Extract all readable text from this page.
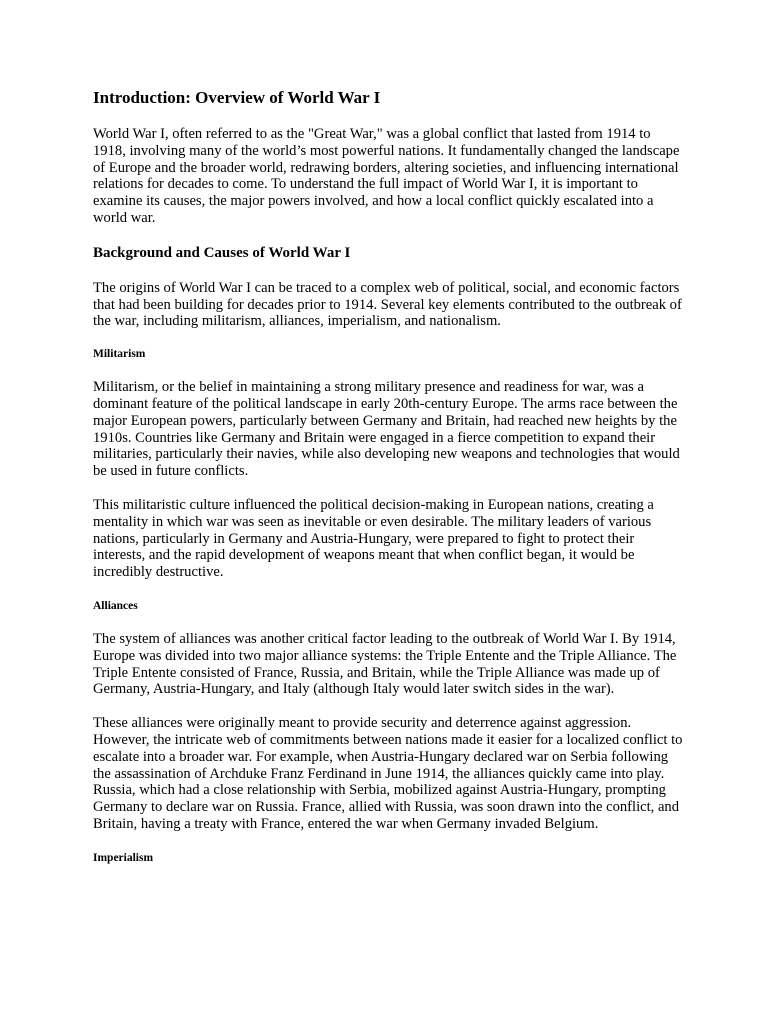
Introduction: Overview of World War I

World War I, often referred to as the "Great War," was a global conflict that lasted from 1914 to 1918, involving many of the world’s most powerful nations. It fundamentally changed the landscape of Europe and the broader world, redrawing borders, altering societies, and influencing international relations for decades to come. To understand the full impact of World War I, it is important to examine its causes, the major powers involved, and how a local conflict quickly escalated into a world war.

Background and Causes of World War I

The origins of World War I can be traced to a complex web of political, social, and economic factors that had been building for decades prior to 1914. Several key elements contributed to the outbreak of the war, including militarism, alliances, imperialism, and nationalism.

Militarism

Militarism, or the belief in maintaining a strong military presence and readiness for war, was a dominant feature of the political landscape in early 20th-century Europe. The arms race between the major European powers, particularly between Germany and Britain, had reached new heights by the 1910s. Countries like Germany and Britain were engaged in a fierce competition to expand their militaries, particularly their navies, while also developing new weapons and technologies that would be used in future conflicts.

This militaristic culture influenced the political decision-making in European nations, creating a mentality in which war was seen as inevitable or even desirable. The military leaders of various nations, particularly in Germany and Austria-Hungary, were prepared to fight to protect their interests, and the rapid development of weapons meant that when conflict began, it would be incredibly destructive.

Alliances

The system of alliances was another critical factor leading to the outbreak of World War I. By 1914, Europe was divided into two major alliance systems: the Triple Entente and the Triple Alliance. The Triple Entente consisted of France, Russia, and Britain, while the Triple Alliance was made up of Germany, Austria-Hungary, and Italy (although Italy would later switch sides in the war).

These alliances were originally meant to provide security and deterrence against aggression. However, the intricate web of commitments between nations made it easier for a localized conflict to escalate into a broader war. For example, when Austria-Hungary declared war on Serbia following the assassination of Archduke Franz Ferdinand in June 1914, the alliances quickly came into play. Russia, which had a close relationship with Serbia, mobilized against Austria-Hungary, prompting Germany to declare war on Russia. France, allied with Russia, was soon drawn into the conflict, and Britain, having a treaty with France, entered the war when Germany invaded Belgium.

Imperialism
